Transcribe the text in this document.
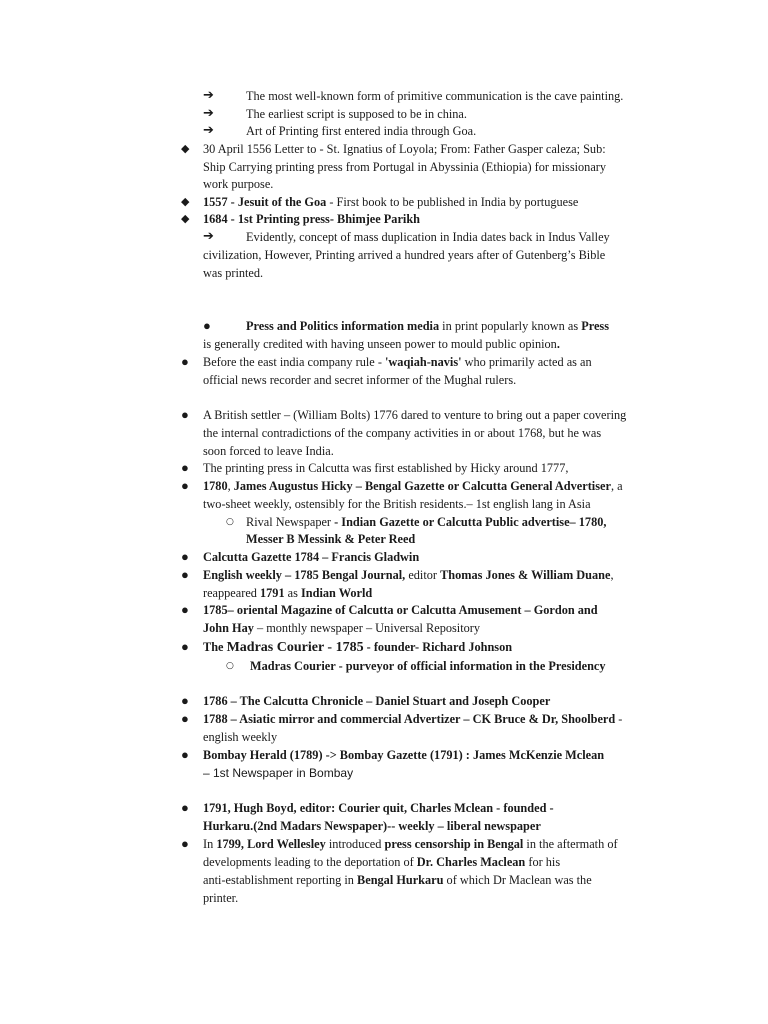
➔	The most well-known form of primitive communication is the cave painting.
➔	The earliest script is supposed to be in china.
➔	Art of Printing first entered india through Goa.
◆ 30 April 1556 Letter to - St. Ignatius of Loyola; From: Father Gasper caleza; Sub:
Ship Carrying printing press from Portugal in Abyssinia (Ethiopia) for missionary
work purpose.
◆ 1557 - Jesuit of the Goa - First book to be published in India by portuguese
◆ 1684 - 1st Printing press- Bhimjee Parikh
➔	Evidently, concept of mass duplication in India dates back in Indus Valley
civilization, However, Printing arrived a hundred years after of Gutenberg’s Bible
was printed.
●	Press and Politics information media in print popularly known as Press
is generally credited with having unseen power to mould public opinion.
● Before the east india company rule - 'waqiah-navis' who primarily acted as an
official news recorder and secret informer of the Mughal rulers.
● A British settler – (William Bolts) 1776 dared to venture to bring out a paper covering
the internal contradictions of the company activities in or about 1768, but he was
soon forced to leave India.
● The printing press in Calcutta was first established by Hicky around 1777,
● 1780, James Augustus Hicky – Bengal Gazette or Calcutta General Advertiser, a
two-sheet weekly, ostensibly for the British residents.– 1st english lang in Asia
○ Rival Newspaper - Indian Gazette or Calcutta Public advertise– 1780,
Messer B Messink & Peter Reed
● Calcutta Gazette 1784 – Francis Gladwin
● English weekly – 1785 Bengal Journal, editor Thomas Jones & William Duane,
reappeared 1791 as Indian World
● 1785– oriental Magazine of Calcutta or Calcutta Amusement – Gordon and
John Hay – monthly newspaper – Universal Repository
● The Madras Courier - 1785 - founder- Richard Johnson
○ Madras Courier - purveyor of official information in the Presidency
● 1786 – The Calcutta Chronicle – Daniel Stuart and Joseph Cooper
● 1788 – Asiatic mirror and commercial Advertizer – CK Bruce & Dr, Shoolberd -
english weekly
● Bombay Herald (1789) -> Bombay Gazette (1791) : James McKenzie Mclean
– 1st Newspaper in Bombay
● 1791, Hugh Boyd, editor: Courier quit, Charles Mclean - founded -
Hurkaru.(2nd Madars Newspaper)-- weekly – liberal newspaper
● In 1799, Lord Wellesley introduced press censorship in Bengal in the aftermath of
developments leading to the deportation of Dr. Charles Maclean for his
anti-establishment reporting in Bengal Hurkaru of which Dr Maclean was the
printer.
